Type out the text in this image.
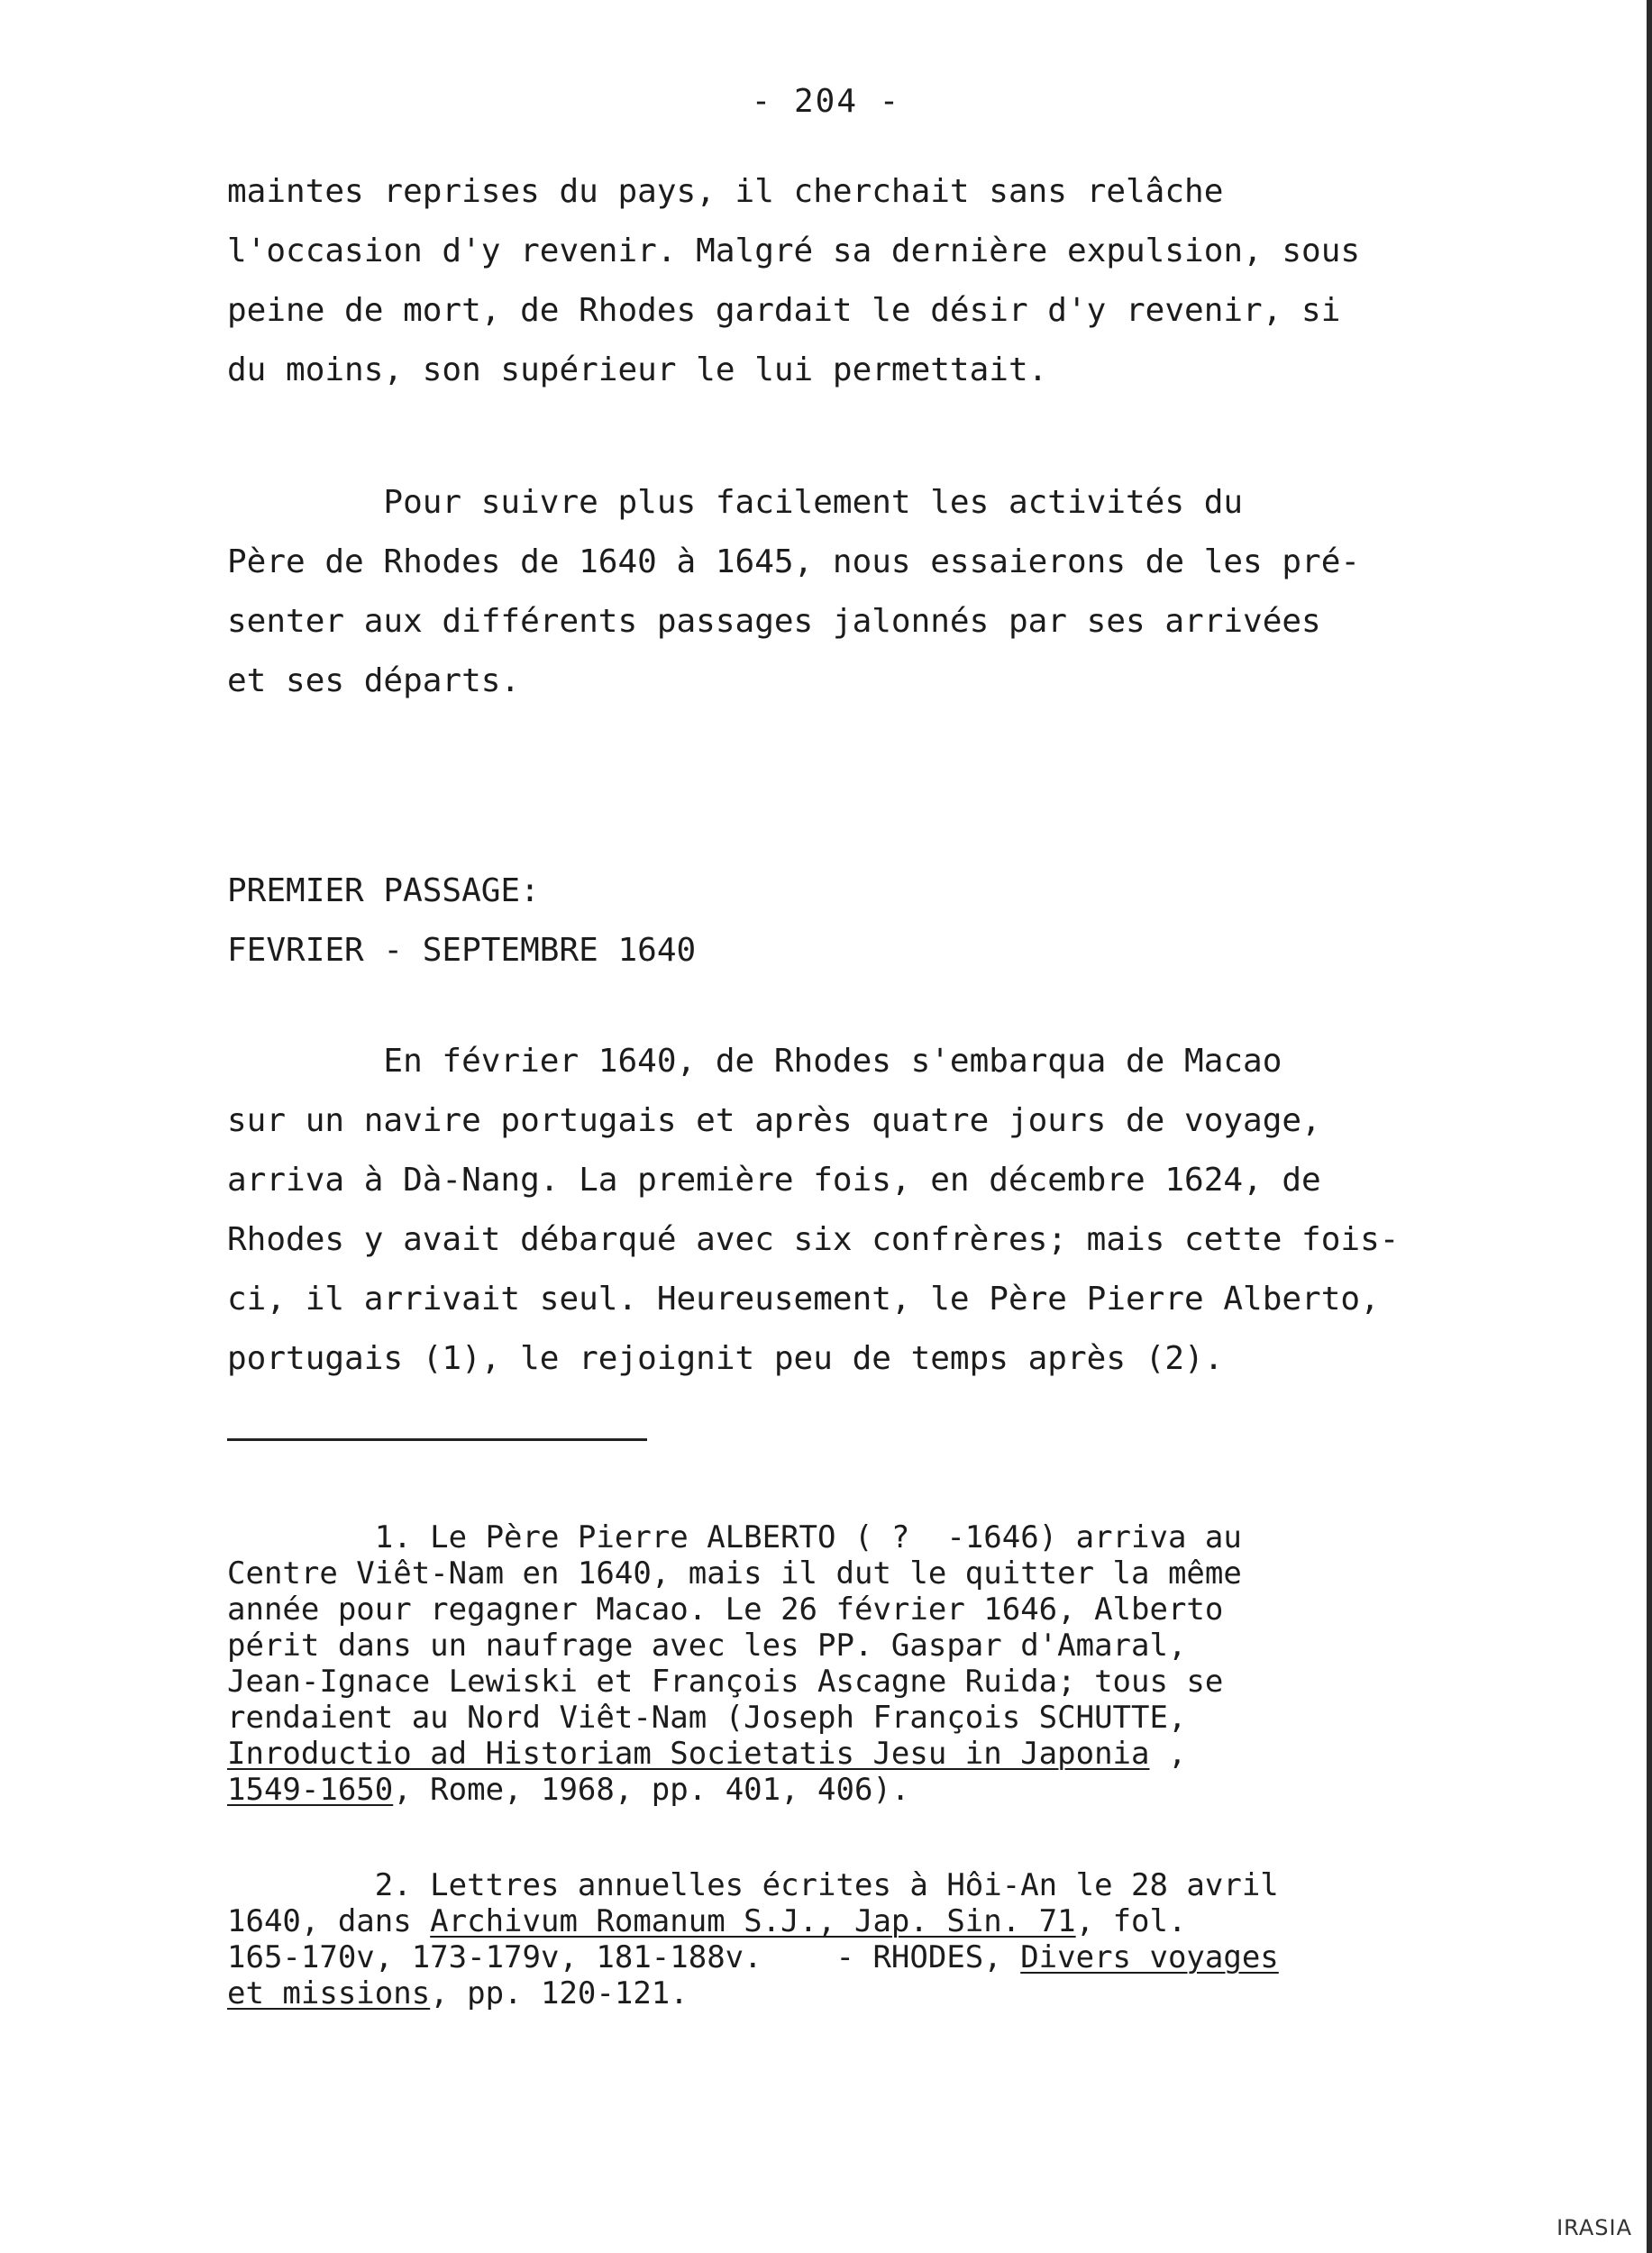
- 204 -
maintes reprises du pays, il cherchait sans relâche
l'occasion d'y revenir. Malgré sa dernière expulsion, sous
peine de mort, de Rhodes gardait le désir d'y revenir, si
du moins, son supérieur le lui permettait.
Pour suivre plus facilement les activités du
Père de Rhodes de 1640 à 1645, nous essaierons de les pré-
senter aux différents passages jalonnés par ses arrivées
et ses départs.
PREMIER PASSAGE:
FEVRIER - SEPTEMBRE 1640
En février 1640, de Rhodes s'embarqua de Macao
sur un navire portugais et après quatre jours de voyage,
arriva à Dà-Nang. La première fois, en décembre 1624, de
Rhodes y avait débarqué avec six confrères; mais cette fois-
ci, il arrivait seul. Heureusement, le Père Pierre Alberto,
portugais (1), le rejoignit peu de temps après (2).
1. Le Père Pierre ALBERTO ( ?  -1646) arriva au
Centre Viêt-Nam en 1640, mais il dut le quitter la même
année pour regagner Macao. Le 26 février 1646, Alberto
périt dans un naufrage avec les PP. Gaspar d'Amaral,
Jean-Ignace Lewiski et François Ascagne Ruida; tous se
rendaient au Nord Viêt-Nam (Joseph François SCHUTTE,
Inroductio ad Historiam Societatis Jesu in Japonia ,
1549-1650, Rome, 1968, pp. 401, 406).
2. Lettres annuelles écrites à Hôi-An le 28 avril
1640, dans Archivum Romanum S.J., Jap. Sin. 71, fol.
165-170v, 173-179v, 181-188v.    - RHODES, Divers voyages
et missions, pp. 120-121.
IRASIA
